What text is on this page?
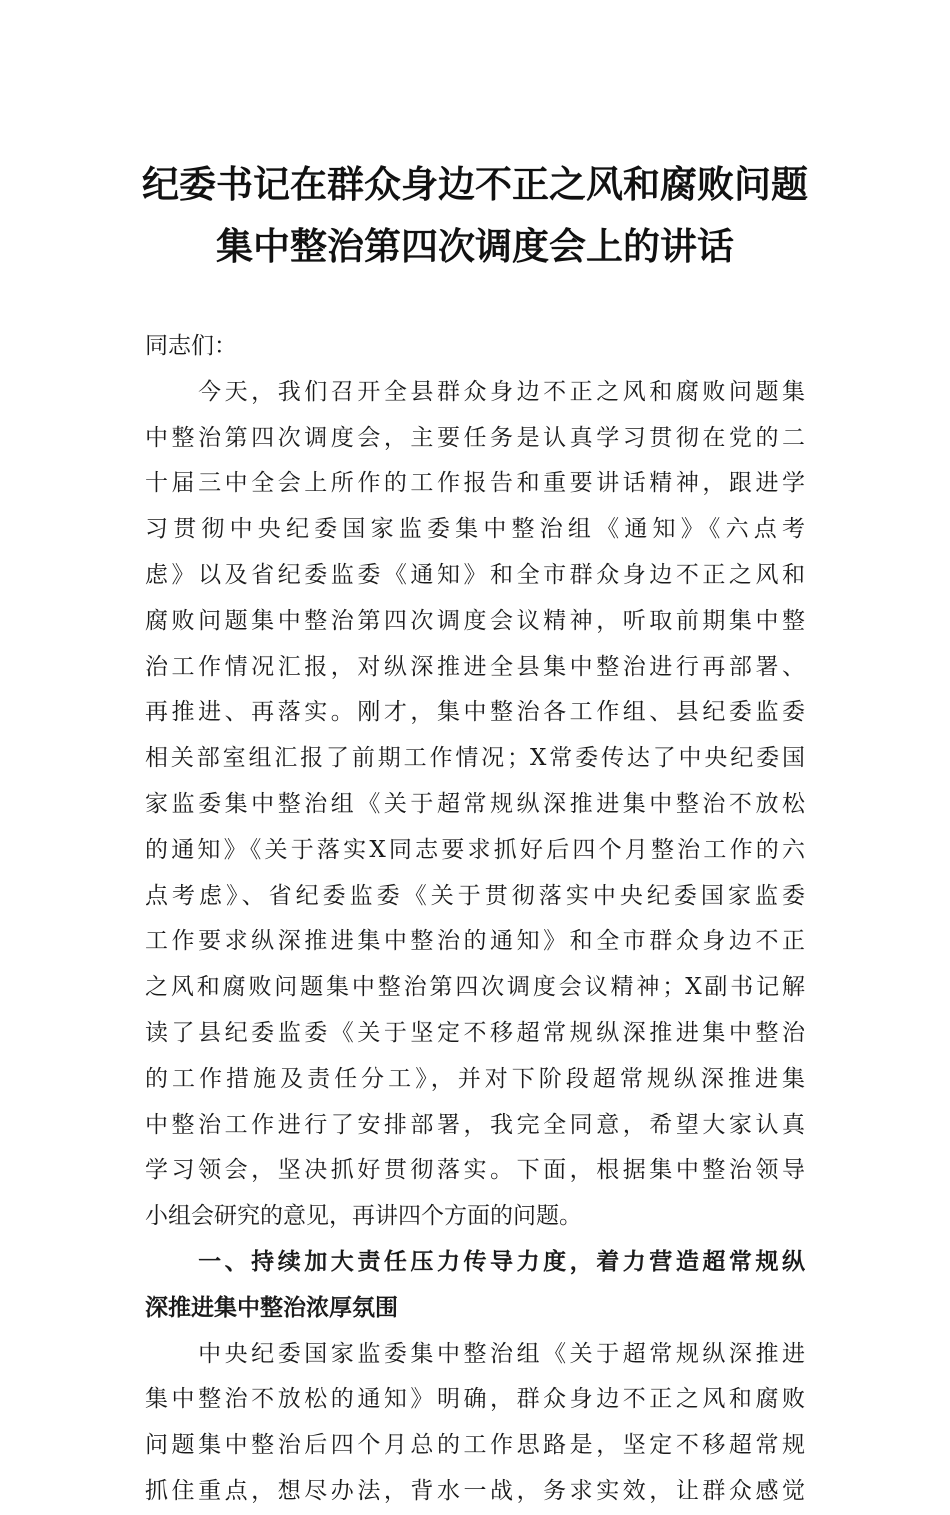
纪委书记在群众身边不正之风和腐败问题
集中整治第四次调度会上的讲话
同志们：

　　今天，我们召开全县群众身边不正之风和腐败问题集
中整治第四次调度会，主要任务是认真学习贯彻在党的二
十届三中全会上所作的工作报告和重要讲话精神，跟进学
习贯彻中央纪委国家监委集中整治组《通知》《六点考
虑》以及省纪委监委《通知》和全市群众身边不正之风和
腐败问题集中整治第四次调度会议精神，听取前期集中整
治工作情况汇报，对纵深推进全县集中整治进行再部署、
再推进、再落实。刚才，集中整治各工作组、县纪委监委
相关部室组汇报了前期工作情况；X常委传达了中央纪委国
家监委集中整治组《关于超常规纵深推进集中整治不放松
的通知》《关于落实X同志要求抓好后四个月整治工作的六
点考虑》、省纪委监委《关于贯彻落实中央纪委国家监委
工作要求纵深推进集中整治的通知》和全市群众身边不正
之风和腐败问题集中整治第四次调度会议精神；X副书记解
读了县纪委监委《关于坚定不移超常规纵深推进集中整治
的工作措施及责任分工》，并对下阶段超常规纵深推进集
中整治工作进行了安排部署，我完全同意，希望大家认真
学习领会，坚决抓好贯彻落实。下面，根据集中整治领导
小组会研究的意见，再讲四个方面的问题。

　　一、持续加大责任压力传导力度，着力营造超常规纵
深推进集中整治浓厚氛围

　　中央纪委国家监委集中整治组《关于超常规纵深推进
集中整治不放松的通知》明确，群众身边不正之风和腐败
问题集中整治后四个月总的工作思路是，坚定不移超常规
抓住重点，想尽办法，背水一战，务求实效，让群众感觉
